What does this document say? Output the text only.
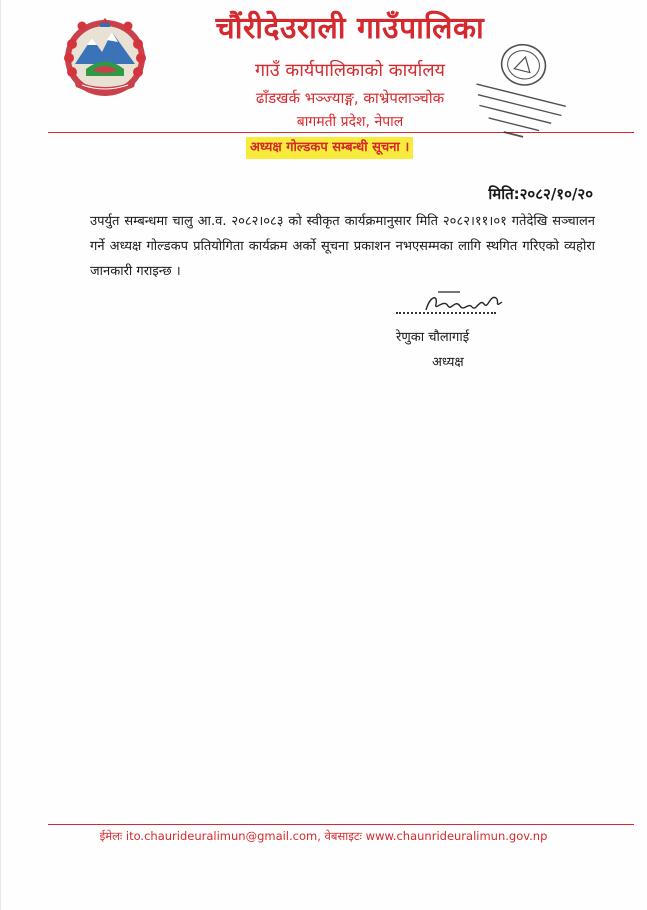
चौंरीदेउराली गाउँपालिका
गाउँ कार्यपालिकाको कार्यालय
ढाँडखर्क भञ्ज्याङ्ग, काभ्रेपलाञ्चोक
बागमती प्रदेश, नेपाल
अध्यक्ष गोल्डकप सम्बन्धी सूचना ।
मिति:२०८२/१०/२०
उपर्युत सम्बन्धमा चालु आ.व. २०८२।०८३ को स्वीकृत कार्यक्रमानुसार मिति २०८२।११।०१ गतेदेखि सञ्चालन गर्ने अध्यक्ष गोल्डकप प्रतियोगिता कार्यक्रम अर्को सूचना प्रकाशन नभएसम्मका लागि स्थगित गरिएको व्यहोरा जानकारी गराइन्छ ।
रेणुका चौलागाई
अध्यक्ष
ईमेलः ito.chaurideuralimun@gmail.com, वेबसाइटः www.chaunrideuralimun.gov.np
